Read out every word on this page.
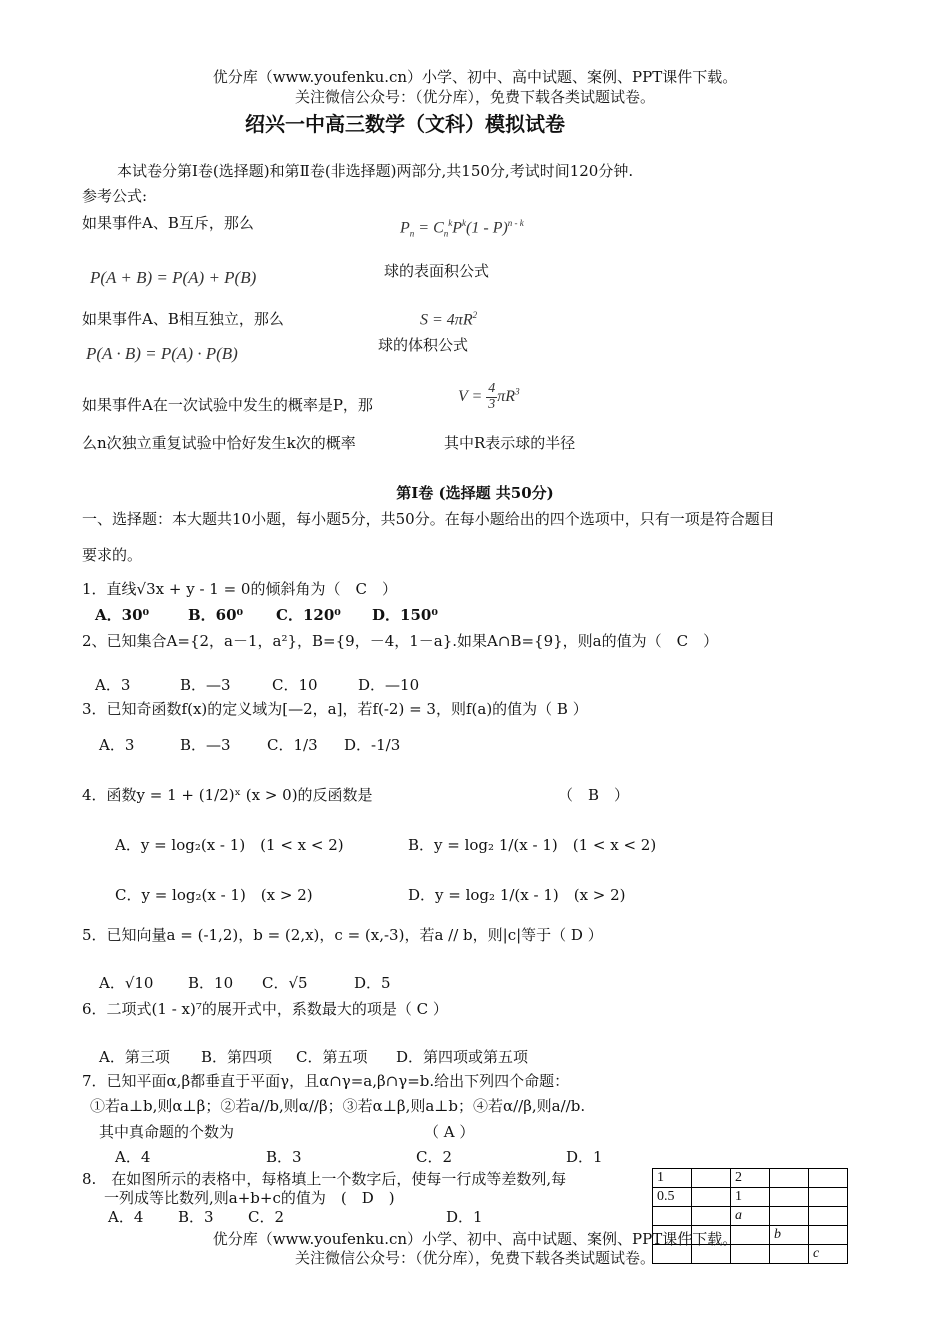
优分库（www.youfenku.cn）小学、初中、高中试题、案例、PPT课件下载。
关注微信公众号：（优分库），免费下载各类试题试卷。
绍兴一中高三数学（文科）模拟试卷
本试卷分第Ⅰ卷(选择题)和第Ⅱ卷(非选择题)两部分,共150分,考试时间120分钟.
参考公式:
如果事件A、B互斥，那么	$P_n = C_n^kP^k(1 - P)^{n - k}$
P(A + B) = P(A) + P(B)	球的表面积公式
如果事件A、B相互独立，那么	$S = 4\pi R^2$
球的体积公式
P(A · B) = P(A) · P(B)
如果事件A在一次试验中发生的概率是P，那	$V = \frac{4}{3} \pi R^3$
么n次独立重复试验中恰好发生k次的概率	其中R表示球的半径
第Ⅰ卷 (选择题 共50分)
一、选择题：本大题共10小题，每小题5分，共50分。在每小题给出的四个选项中，只有一项是符合题目
要求的。
1．直线√3x + y - 1 = 0的倾斜角为（　C　）
A．30⁰	B．60⁰ C．120⁰ D．150⁰
2、已知集合A={2，a－1，a²}，B={9，－4，1－a}.如果A∩B={9}，则a的值为（　C　）
A．3	B．—3	C．10	D．—10
3．已知奇函数f(x)的定义域为[—2，a]，若f(-2) = 3，则f(a)的值为（ B ）
A．3	B．—3 C．1/3 D．-1/3
4．函数y = 1 + (1/2)ˣ (x > 0)的反函数是	（　B　）
A．y = log₂(x - 1)　(1 < x < 2)	B．y = log₂ 1/(x - 1)　(1 < x < 2)
C．y = log₂(x - 1)　(x > 2)	D．y = log₂ 1/(x - 1)　(x > 2)
5．已知向量a = (-1,2)，b = (2,x)，c = (x,-3)，若a // b，则|c|等于（ D ）
A．√10 B．10 C．√5	D．5
6．二项式(1 - x)⁷的展开式中，系数最大的项是（ C ）
A．第三项 B．第四项 C．第五项 D．第四项或第五项
7．已知平面α,β都垂直于平面γ，且α∩γ=a,β∩γ=b.给出下列四个命题：
①若a⊥b,则α⊥β；②若a//b,则α//β；③若α⊥β,则a⊥b；④若α//β,则a//b.
其中真命题的个数为	（ A ）
A．4	B．3	C．2	D．1
8.　在如图所示的表格中，每格填上一个数字后，使每一行成等差数列,每
一列成等比数列,则a+b+c的值为　(　D　)
A．4 B．3 C．2	D．1
1		2		
0.5		1		
		a		
			b	
				c
优分库（www.youfenku.cn）小学、初中、高中试题、案例、PPT课件下载。
关注微信公众号：（优分库），免费下载各类试题试卷。
